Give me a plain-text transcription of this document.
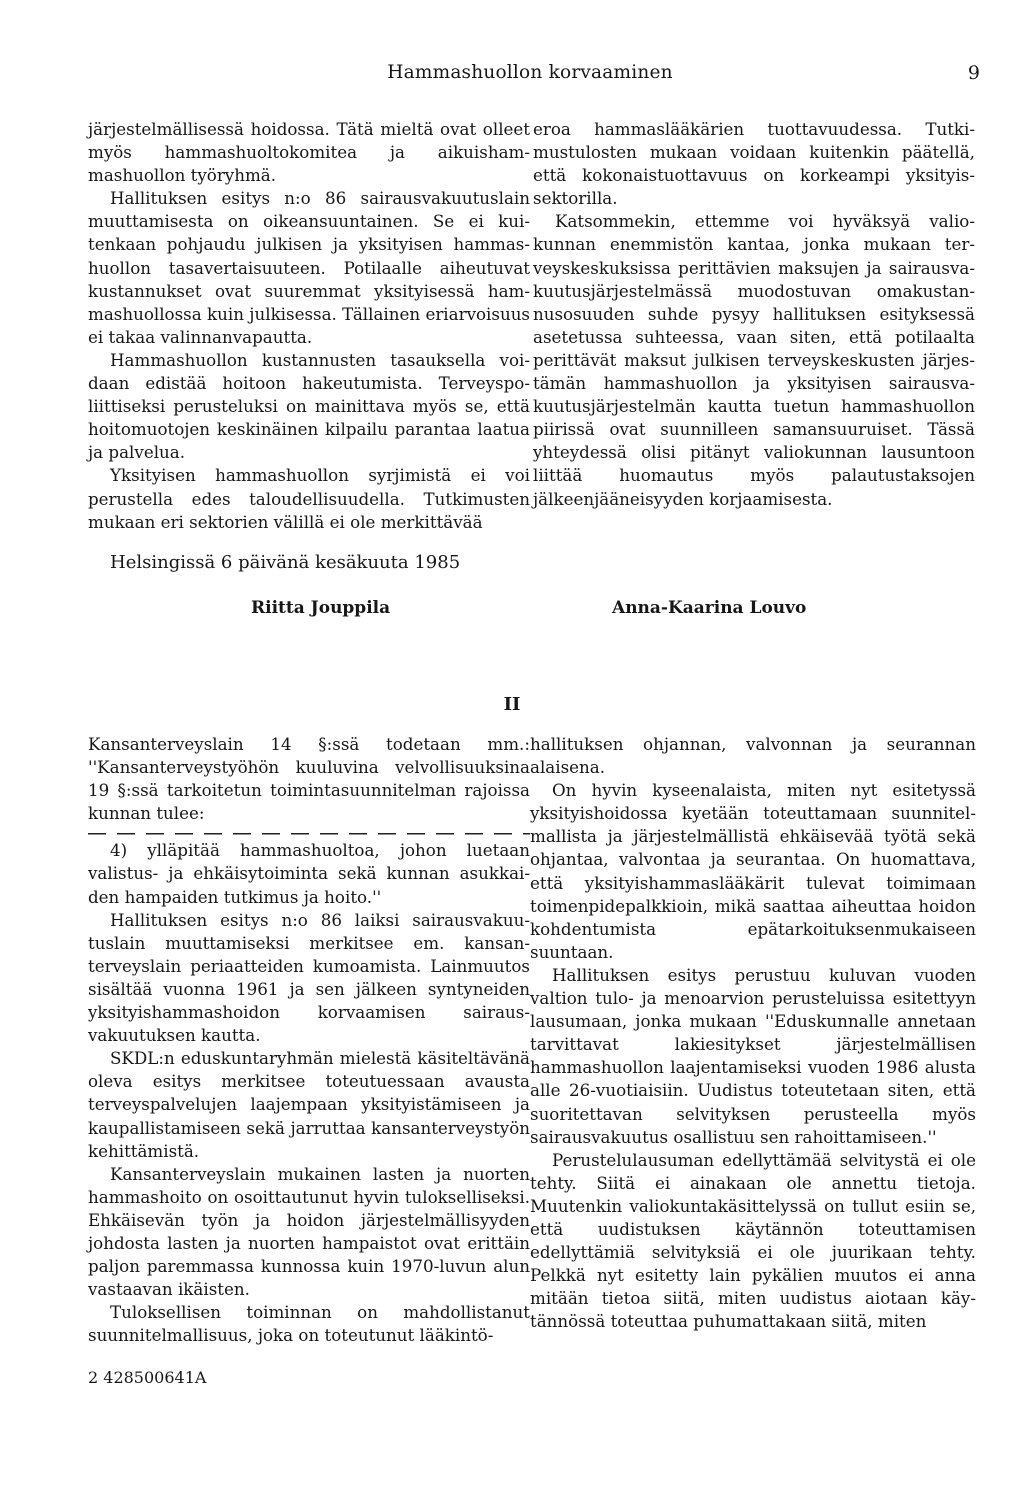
Hammashuollon korvaaminen	9

järjestelmällisessä hoidossa. Tätä mieltä ovat olleet myös hammashuoltokomitea ja aikuishammashuollon työryhmä.

Hallituksen esitys n:o 86 sairausvakuutuslain muuttamisesta on oikeansuuntainen. Se ei kuitenkaan pohjaudu julkisen ja yksityisen hammashuollon tasavertaisuuteen. Potilaalle aiheutuvat kustannukset ovat suuremmat yksityisessä hammashuollossa kuin julkisessa. Tällainen eriarvoisuus ei takaa valinnanvapautta.

Hammashuollon kustannusten tasauksella voidaan edistää hoitoon hakeutumista. Terveyspoliittiseksi perusteluksi on mainittava myös se, että hoitomuotojen keskinäinen kilpailu parantaa laatua ja palvelua.

Yksityisen hammashuollon syrjimistä ei voi perustella edes taloudellisuudella. Tutkimusten mukaan eri sektorien välillä ei ole merkittävää

eroa hammaslääkärien tuottavuudessa. Tutkimustulosten mukaan voidaan kuitenkin päätellä, että kokonaistuottavuus on korkeampi yksityissektorilla.

Katsommekin, ettemme voi hyväksyä valiokunnan enemmistön kantaa, jonka mukaan terveyskeskuksissa perittävien maksujen ja sairausvakuutusjärjestelmässä muodostuvan omakustannusosuuden suhde pysyy hallituksen esityksessä asetetussa suhteessa, vaan siten, että potilaalta perittävät maksut julkisen terveyskeskusten järjestämän hammashuollon ja yksityisen sairausvakuutusjärjestelmän kautta tuetun hammashuollon piirissä ovat suunnilleen samansuuruiset. Tässä yhteydessä olisi pitänyt valiokunnan lausuntoon liittää huomautus myös palautustaksojen jälkeenjääneisyyden korjaamisesta.

Helsingissä 6 päivänä kesäkuuta 1985
Riitta Jouppila	Anna-Kaarina Louvo
II

Kansanterveyslain 14 §:ssä todetaan mm.: ''Kansanterveystyöhön kuuluvina velvollisuuksina 19 §:ssä tarkoitetun toimintasuunnitelman rajoissa kunnan tulee:

4) ylläpitää hammashuoltoa, johon luetaan valistus- ja ehkäisytoiminta sekä kunnan asukkaiden hampaiden tutkimus ja hoito.''

Hallituksen esitys n:o 86 laiksi sairausvakuutuslain muuttamiseksi merkitsee em. kansanterveyslain periaatteiden kumoamista. Lainmuutos sisältää vuonna 1961 ja sen jälkeen syntyneiden yksityishammashoidon korvaamisen sairausvakuutuksen kautta.

SKDL:n eduskuntaryhmän mielestä käsiteltävänä oleva esitys merkitsee toteutuessaan avausta terveyspalvelujen laajempaan yksityistämiseen ja kaupallistamiseen sekä jarruttaa kansanterveystyön kehittämistä.

Kansanterveyslain mukainen lasten ja nuorten hammashoito on osoittautunut hyvin tulokselliseksi. Ehkäisevän työn ja hoidon järjestelmällisyyden johdosta lasten ja nuorten hampaistot ovat erittäin paljon paremmassa kunnossa kuin 1970-luvun alun vastaavan ikäisten.

Tuloksellisen toiminnan on mahdollistanut suunnitelmallisuus, joka on toteutunut lääkintö-

hallituksen ohjannan, valvonnan ja seurannan alaisena.

On hyvin kyseenalaista, miten nyt esitetyssä yksityishoidossa kyetään toteuttamaan suunnitelmallista ja järjestelmällistä ehkäisevää työtä sekä ohjantaa, valvontaa ja seurantaa. On huomattava, että yksityishammaslääkärit tulevat toimimaan toimenpidepalkkioin, mikä saattaa aiheuttaa hoidon kohdentumista epätarkoituksenmukaiseen suuntaan.

Hallituksen esitys perustuu kuluvan vuoden valtion tulo- ja menoarvion perusteluissa esitettyyn lausumaan, jonka mukaan ''Eduskunnalle annetaan tarvittavat lakiesitykset järjestelmällisen hammashuollon laajentamiseksi vuoden 1986 alusta alle 26-vuotiaisiin. Uudistus toteutetaan siten, että suoritettavan selvityksen perusteella myös sairausvakuutus osallistuu sen rahoittamiseen.''

Perustelulausuman edellyttämää selvitystä ei ole tehty. Siitä ei ainakaan ole annettu tietoja. Muutenkin valiokuntakäsittelyssä on tullut esiin se, että uudistuksen käytännön toteuttamisen edellyttämiä selvityksiä ei ole juurikaan tehty. Pelkkä nyt esitetty lain pykälien muutos ei anna mitään tietoa siitä, miten uudistus aiotaan käytännössä toteuttaa puhumattakaan siitä, miten

2 428500641A
